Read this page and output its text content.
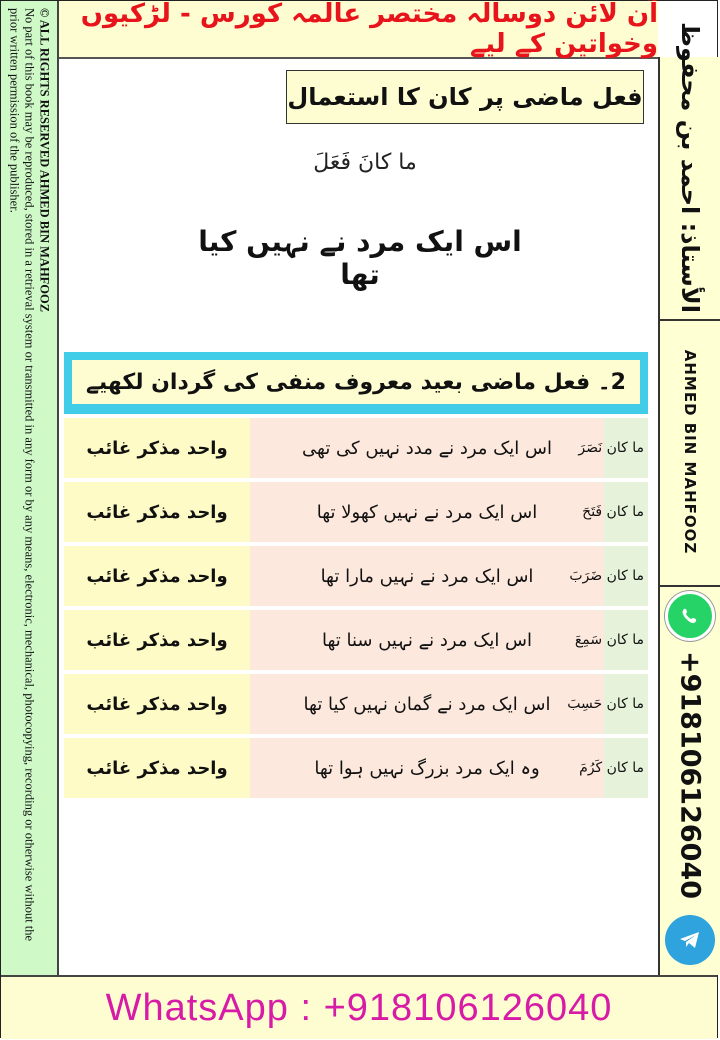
آن لائن دوسالہ مختصر عالمہ کورس - لڑکیوں وخواتین کے لیے
© ALL RIGHTS RESERVED AHMED BIN MAHFOOZ
No part of this book may be reproduced, stored in a retrieval system or transmitted in any form or by any means, electronic, mechanical, photocopying, recording or otherwise without the prior written permission of the publisher.	الأستاذ: احمد بن محفوظ
AHMED BIN MAHFOOZ
+918106126040
فعل ماضی پر کان کا استعمال
ما كانَ فَعَلَ
اس ایک مرد نے نہیں کیا تھا
2۔ فعل ماضی بعید معروف منفی کی گردان لکھیے
واحد مذکر غائب	اس ایک مرد نے مدد نہیں کی تھی	ما كان نَصَرَ
واحد مذکر غائب	اس ایک مرد نے نہیں کھولا تھا	ما كان فَتَحَ
واحد مذکر غائب	اس ایک مرد نے نہیں مارا تھا	ما كان ضَرَبَ
واحد مذکر غائب	اس ایک مرد نے نہیں سنا تھا	ما كان سَمِعَ
واحد مذکر غائب	اس ایک مرد نے گمان نہیں کیا تھا	ما كان حَسِبَ
واحد مذکر غائب	وہ ایک مرد بزرگ نہیں ہوا تھا	ما كان كَرُمَ
WhatsApp : +918106126040
